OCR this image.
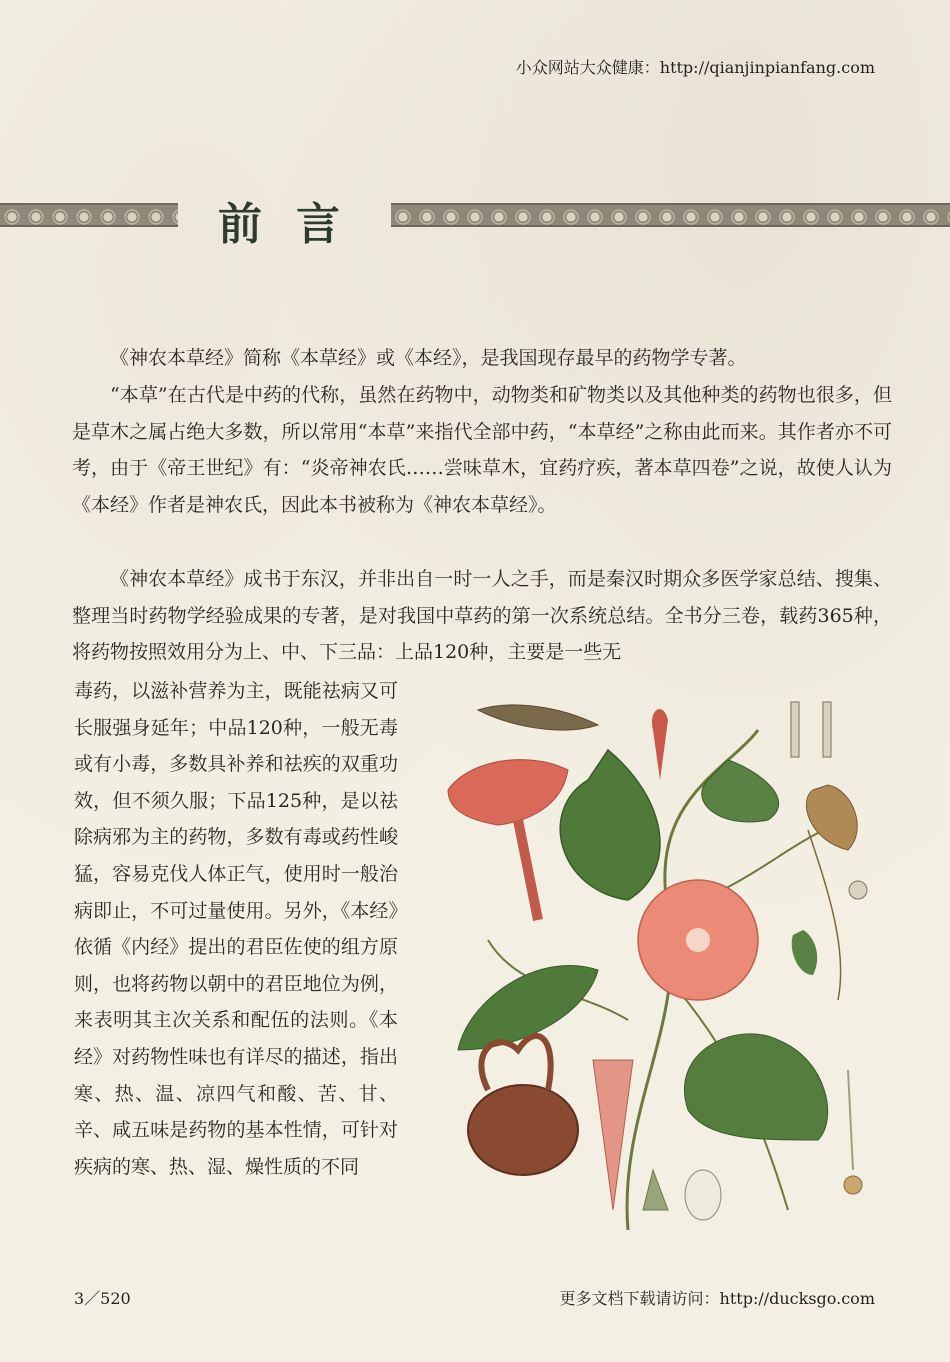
小众网站大众健康：http://qianjinpianfang.com
前言

《神农本草经》简称《本草经》或《本经》，是我国现存最早的药物学专著。

“本草”在古代是中药的代称，虽然在药物中，动物类和矿物类以及其他种类的药物也很多，但是草木之属占绝大多数，所以常用“本草”来指代全部中药，“本草经”之称由此而来。其作者亦不可考，由于《帝王世纪》有：“炎帝神农氏……尝味草木，宜药疗疾，著本草四卷”之说，故使人认为《本经》作者是神农氏，因此本书被称为《神农本草经》。

《神农本草经》成书于东汉，并非出自一时一人之手，而是秦汉时期众多医学家总结、搜集、整理当时药物学经验成果的专著，是对我国中草药的第一次系统总结。全书分三卷，载药365种，将药物按照效用分为上、中、下三品：上品120种，主要是一些无

毒药，以滋补营养为主，既能祛病又可长服强身延年；中品120种，一般无毒或有小毒，多数具补养和祛疾的双重功效，但不须久服；下品125种，是以祛除病邪为主的药物，多数有毒或药性峻猛，容易克伐人体正气，使用时一般治病即止，不可过量使用。另外，《本经》依循《内经》提出的君臣佐使的组方原则，也将药物以朝中的君臣地位为例，来表明其主次关系和配伍的法则。《本经》对药物性味也有详尽的描述，指出寒、热、温、凉四气和酸、苦、甘、辛、咸五味是药物的基本性情，可针对疾病的寒、热、湿、燥性质的不同

3／520	更多文档下载请访问：http://ducksgo.com
